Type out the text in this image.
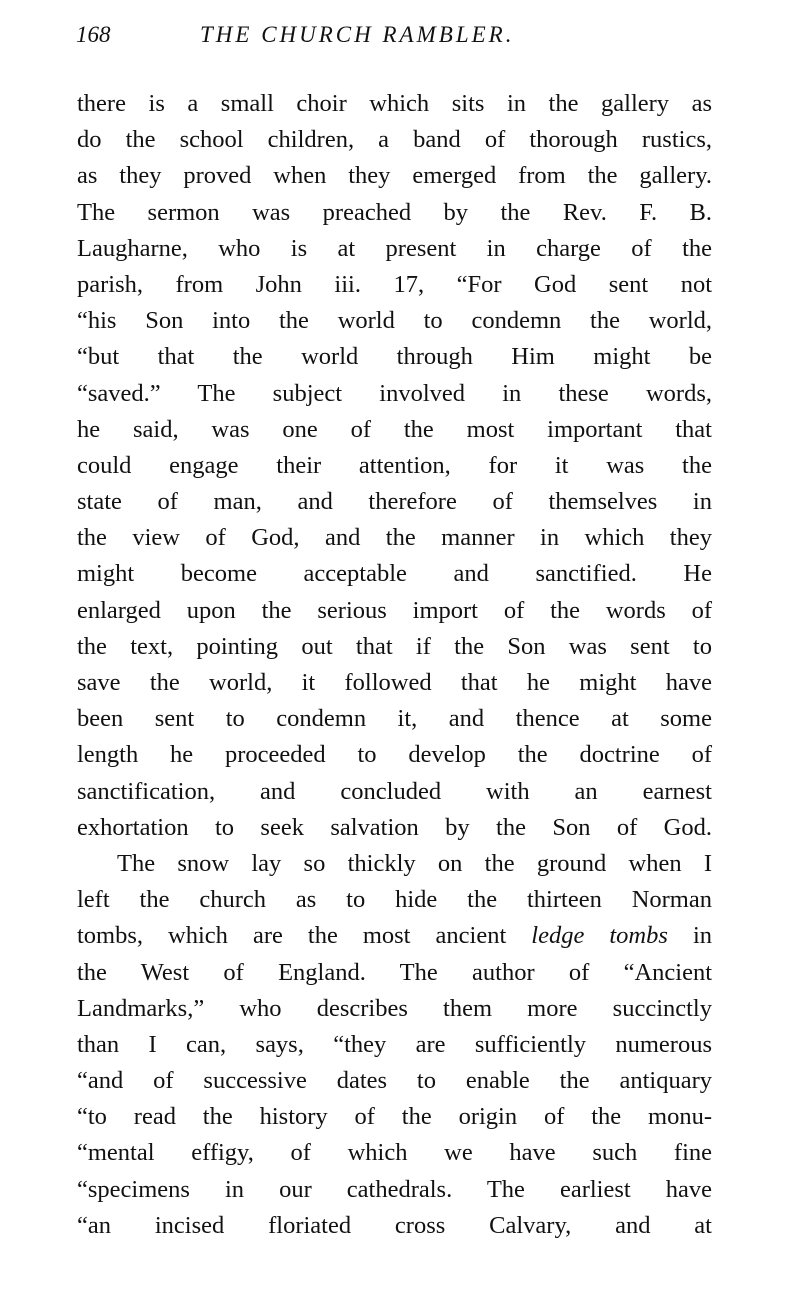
168	THE CHURCH RAMBLER.
there is a small choir which sits in the gallery as
do the school children, a band of thorough rustics,
as they proved when they emerged from the gallery.
The sermon was preached by the Rev. F. B.
Laugharne, who is at present in charge of the
parish, from John iii. 17, “For God sent not
“his Son into the world to condemn the world,
“but that the world through Him might be
“saved.” The subject involved in these words,
he said, was one of the most important that
could engage their attention, for it was the
state of man, and therefore of themselves in
the view of God, and the manner in which they
might become acceptable and sanctified. He
enlarged upon the serious import of the words of
the text, pointing out that if the Son was sent to
save the world, it followed that he might have
been sent to condemn it, and thence at some
length he proceeded to develop the doctrine of
sanctification, and concluded with an earnest
exhortation to seek salvation by the Son of God.
The snow lay so thickly on the ground when I
left the church as to hide the thirteen Norman
tombs, which are the most ancient ledge tombs in
the West of England. The author of “Ancient
Landmarks,” who describes them more succinctly
than I can, says, “they are sufficiently numerous
“and of successive dates to enable the antiquary
“to read the history of the origin of the monu-
“mental effigy, of which we have such fine
“specimens in our cathedrals. The earliest have
“an incised floriated cross Calvary, and at
